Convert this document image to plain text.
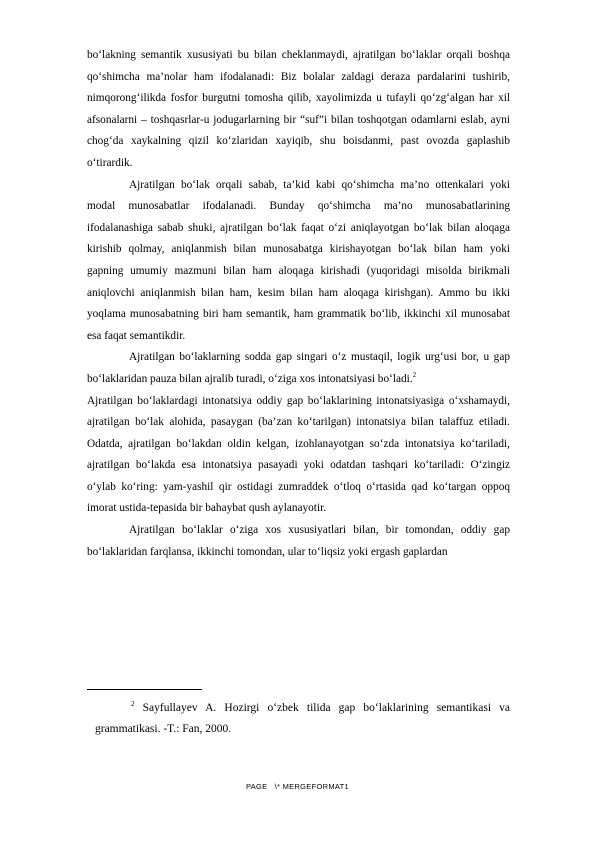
boʻlakning semantik xususiyati bu bilan cheklanmaydi, ajratilgan boʻlaklar orqali boshqa qoʻshimcha ma’nolar ham ifodalanadi: Biz bolalar zaldagi deraza pardalarini tushirib, nimqorongʻilikda fosfor burgutni tomosha qilib, xayolimizda u tufayli qoʻzgʻalgan har xil afsonalarni – toshqasrlar-u jodugarlarning bir “suf”i bilan toshqotgan odamlarni eslab, ayni chogʻda xaykalning qizil koʻzlaridan xayiqib, shu boisdanmi, past ovozda gaplashib oʻtirardik.

Ajratilgan boʻlak orqali sabab, ta’kid kabi qoʻshimcha ma’no ottenkalari yoki modal munosabatlar ifodalanadi. Bunday qoʻshimcha ma’no munosabatlarining ifodalanashiga sabab shuki, ajratilgan boʻlak faqat oʻzi aniqlayotgan boʻlak bilan aloqaga kirishib qolmay, aniqlanmish bilan munosabatga kirishayotgan boʻlak bilan ham yoki gapning umumiy mazmuni bilan ham aloqaga kirishadi (yuqoridagi misolda birikmali aniqlovchi aniqlanmish bilan ham, kesim bilan ham aloqaga kirishgan). Ammo bu ikki yoqlama munosabatning biri ham semantik, ham grammatik boʻlib, ikkinchi xil munosabat esa faqat semantikdir.

Ajratilgan boʻlaklarning sodda gap singari oʻz mustaqil, logik urgʻusi bor, u gap boʻlaklaridan pauza bilan ajralib turadi, oʻziga xos intonatsiyasi boʻladi.$^2$
Ajratilgan boʻlaklardagi intonatsiya oddiy gap boʻlaklarining intonatsiyasiga oʻxshamaydi, ajratilgan boʻlak alohida, pasaygan (ba’zan koʻtarilgan) intonatsiya bilan talaffuz etiladi. Odatda, ajratilgan boʻlakdan oldin kelgan, izohlanayotgan soʻzda intonatsiya koʻtariladi, ajratilgan boʻlakda esa intonatsiya pasayadi yoki odatdan tashqari koʻtariladi: Oʻzingiz oʻylab koʻring: yam-yashil qir ostidagi zumraddek oʻtloq oʻrtasida qad koʻtargan oppoq imorat ustida-tepasida bir bahaybat qush aylanayotir.

Ajratilgan boʻlaklar oʻziga xos xususiyatlari bilan, bir tomondan, oddiy gap boʻlaklaridan farqlansa, ikkinchi tomondan, ular toʻliqsiz yoki ergash gaplardan

$^2$ Sayfullayev A. Hozirgi oʻzbek tilida gap boʻlaklarining semantikasi va grammatikasi. -T.: Fan, 2000.
PAGE   \* MERGEFORMAT1
